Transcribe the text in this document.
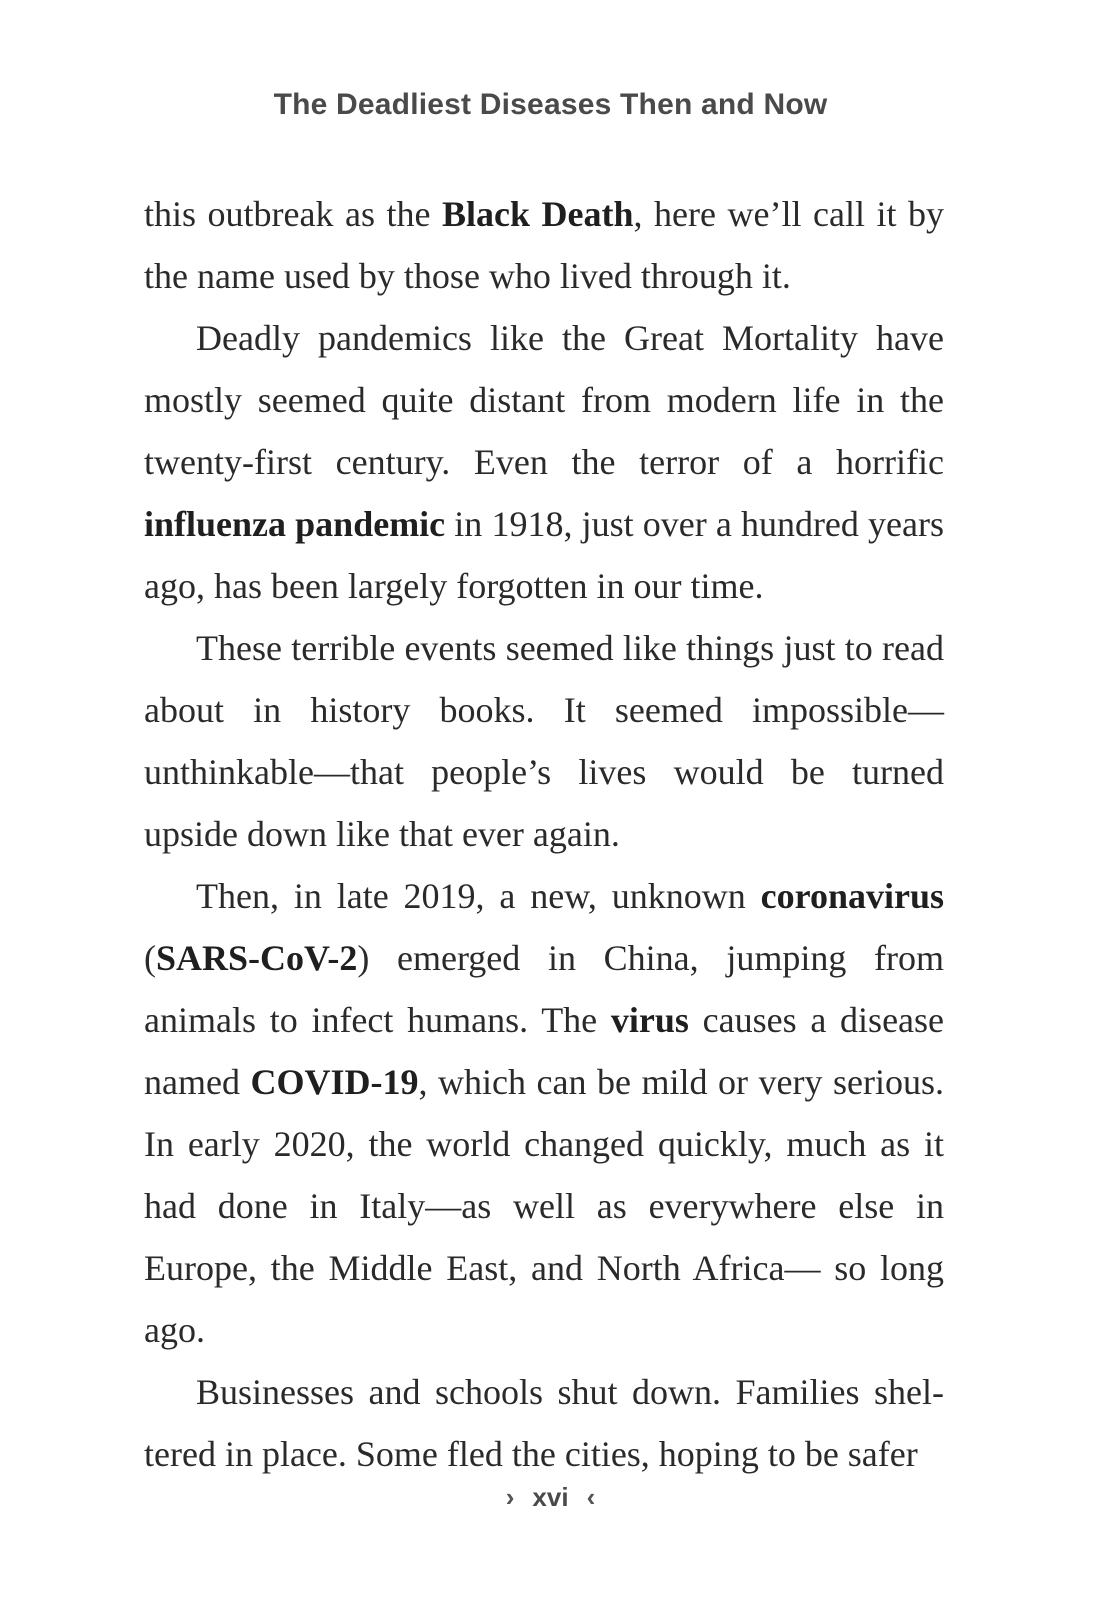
The Deadliest Diseases Then and Now

this outbreak as the Black Death, here we’ll call it by the name used by those who lived through it.

Deadly pandemics like the Great Mortality have mostly seemed quite distant from modern life in the twenty-first century. Even the terror of a horrific influenza pandemic in 1918, just over a hundred years ago, has been largely forgotten in our time.

These terrible events seemed like things just to read about in history books. It seemed impossible—unthinkable—that people’s lives would be turned upside down like that ever again.

Then, in late 2019, a new, unknown coronavirus (SARS-CoV-2) emerged in China, jumping from animals to infect humans. The virus causes a disease named COVID-19, which can be mild or very serious. In early 2020, the world changed quickly, much as it had done in Italy—as well as everywhere else in Europe, the Middle East, and North Africa— so long ago.

Businesses and schools shut down. Families sheltered in place. Some fled the cities, hoping to be safer

› xvi ‹
